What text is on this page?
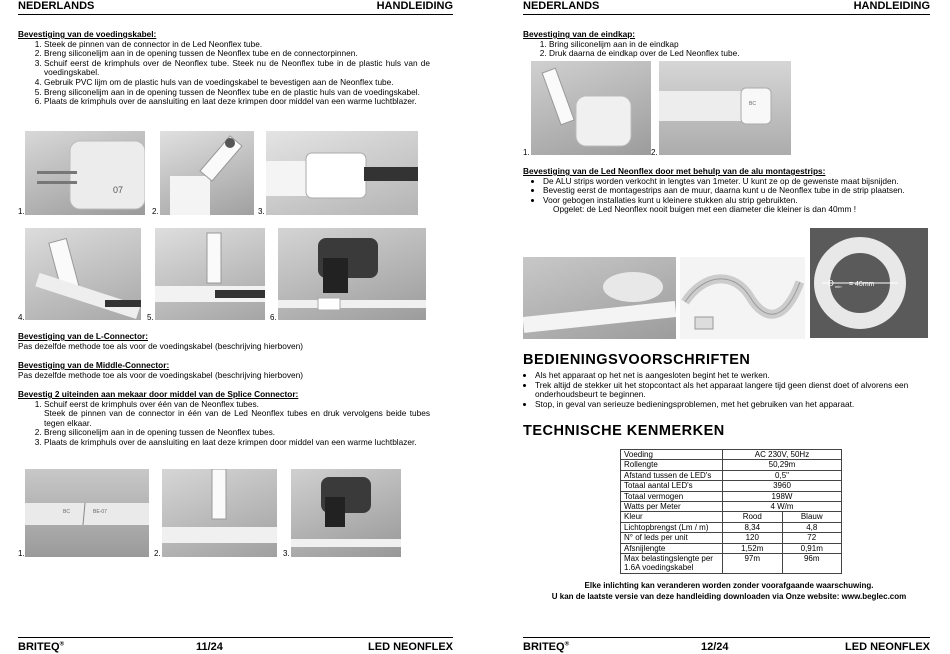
NEDERLANDS	HANDLEIDING
Bevestiging van de voedingskabel:
1. Steek de pinnen van de connector in de Led Neonflex tube.
2. Breng siliconelijm aan in de opening tussen de Neonflex tube en de connectorpinnen.
3. Schuif eerst de krimphuls over de Neonflex tube. Steek nu de Neonflex tube in de plastic huls van de voedingskabel.
4. Gebruik PVC lijm om de plastic huls van de voedingskabel te bevestigen aan de Neonflex tube.
5. Breng siliconelijm aan in de opening tussen de Neonflex tube en de plastic huls van de voedingskabel.
6. Plaats de krimphuls over de aansluiting en laat deze krimpen door middel van een warme luchtblazer.
1.
07
2.	3.
4.	5.	6.
Bevestiging van de L-Connector:
Pas dezelfde methode toe als voor de voedingskabel (beschrijving hierboven)
Bevestiging van de Middle-Connector:
Pas dezelfde methode toe als voor de voedingskabel (beschrijving hierboven)
Bevestig 2 uiteinden aan mekaar door middel van de Splice Connector:
1. Schuif eerst de krimphuls over één van de Neonflex tubes.
Steek de pinnen van de connector in één van de Led Neonflex tubes en druk vervolgens beide tubes tegen elkaar.
2. Breng siliconelijm aan in de opening tussen de Neonflex tubes.
3. Plaats de krimphuls over de aansluiting en laat deze krimpen door middel van een warme luchtblazer.
1.
BC	BE-07
2.	3.
BRITEQ®	11/24	LED NEONFLEX
NEDERLANDS	HANDLEIDING
Bevestiging van de eindkap:
1. Bring siliconelijm aan in de eindkap
2. Druk daarna de eindkap over de Led Neonflex tube.
1.	2.
BC
Bevestiging van de Led Neonflex door met behulp van de alu montagestrips:
• De ALU strips worden verkocht in lengtes van 1meter. U kunt ze op de gewenste maat bijsnijden.
• Bevestig eerst de montagestrips aan de muur, daarna kunt u de Neonflex tube in de strip plaatsen.
• Voor gebogen installaties kunt u kleinere stukken alu strip gebruikten.
Opgelet: de Led Neonflex nooit buigen met een diameter die kleiner is dan 40mm !
D min = 40mm
BEDIENINGSVOORSCHRIFTEN
• Als het apparaat op het net is aangesloten begint het te werken.
• Trek altijd de stekker uit het stopcontact als het apparaat langere tijd geen dienst doet of alvorens een onderhoudsbeurt te beginnen.
• Stop, in geval van serieuze bedieningsproblemen, met het gebruiken van het apparaat.
TECHNISCHE KENMERKEN
Voeding	AC 230V, 50Hz	
Rollengte	50,29m	
Afstand tussen de LED's	0,5"	
Totaal aantal LED's	3960	
Totaal vermogen	198W	
Watts per Meter	4 W/m	
Kleur	Rood	Blauw
Lichtopbrengst (Lm / m)	8,34	4,8
N° of leds per unit	120	72
Afsnijlengte	1,52m	0,91m
Max belastingslengte per 1.6A voedingskabel	97m	96m
Elke inlichting kan veranderen worden zonder voorafgaande waarschuwing.
U kan de laatste versie van deze handleiding downloaden via Onze website: www.beglec.com
BRITEQ®	12/24	LED NEONFLEX
